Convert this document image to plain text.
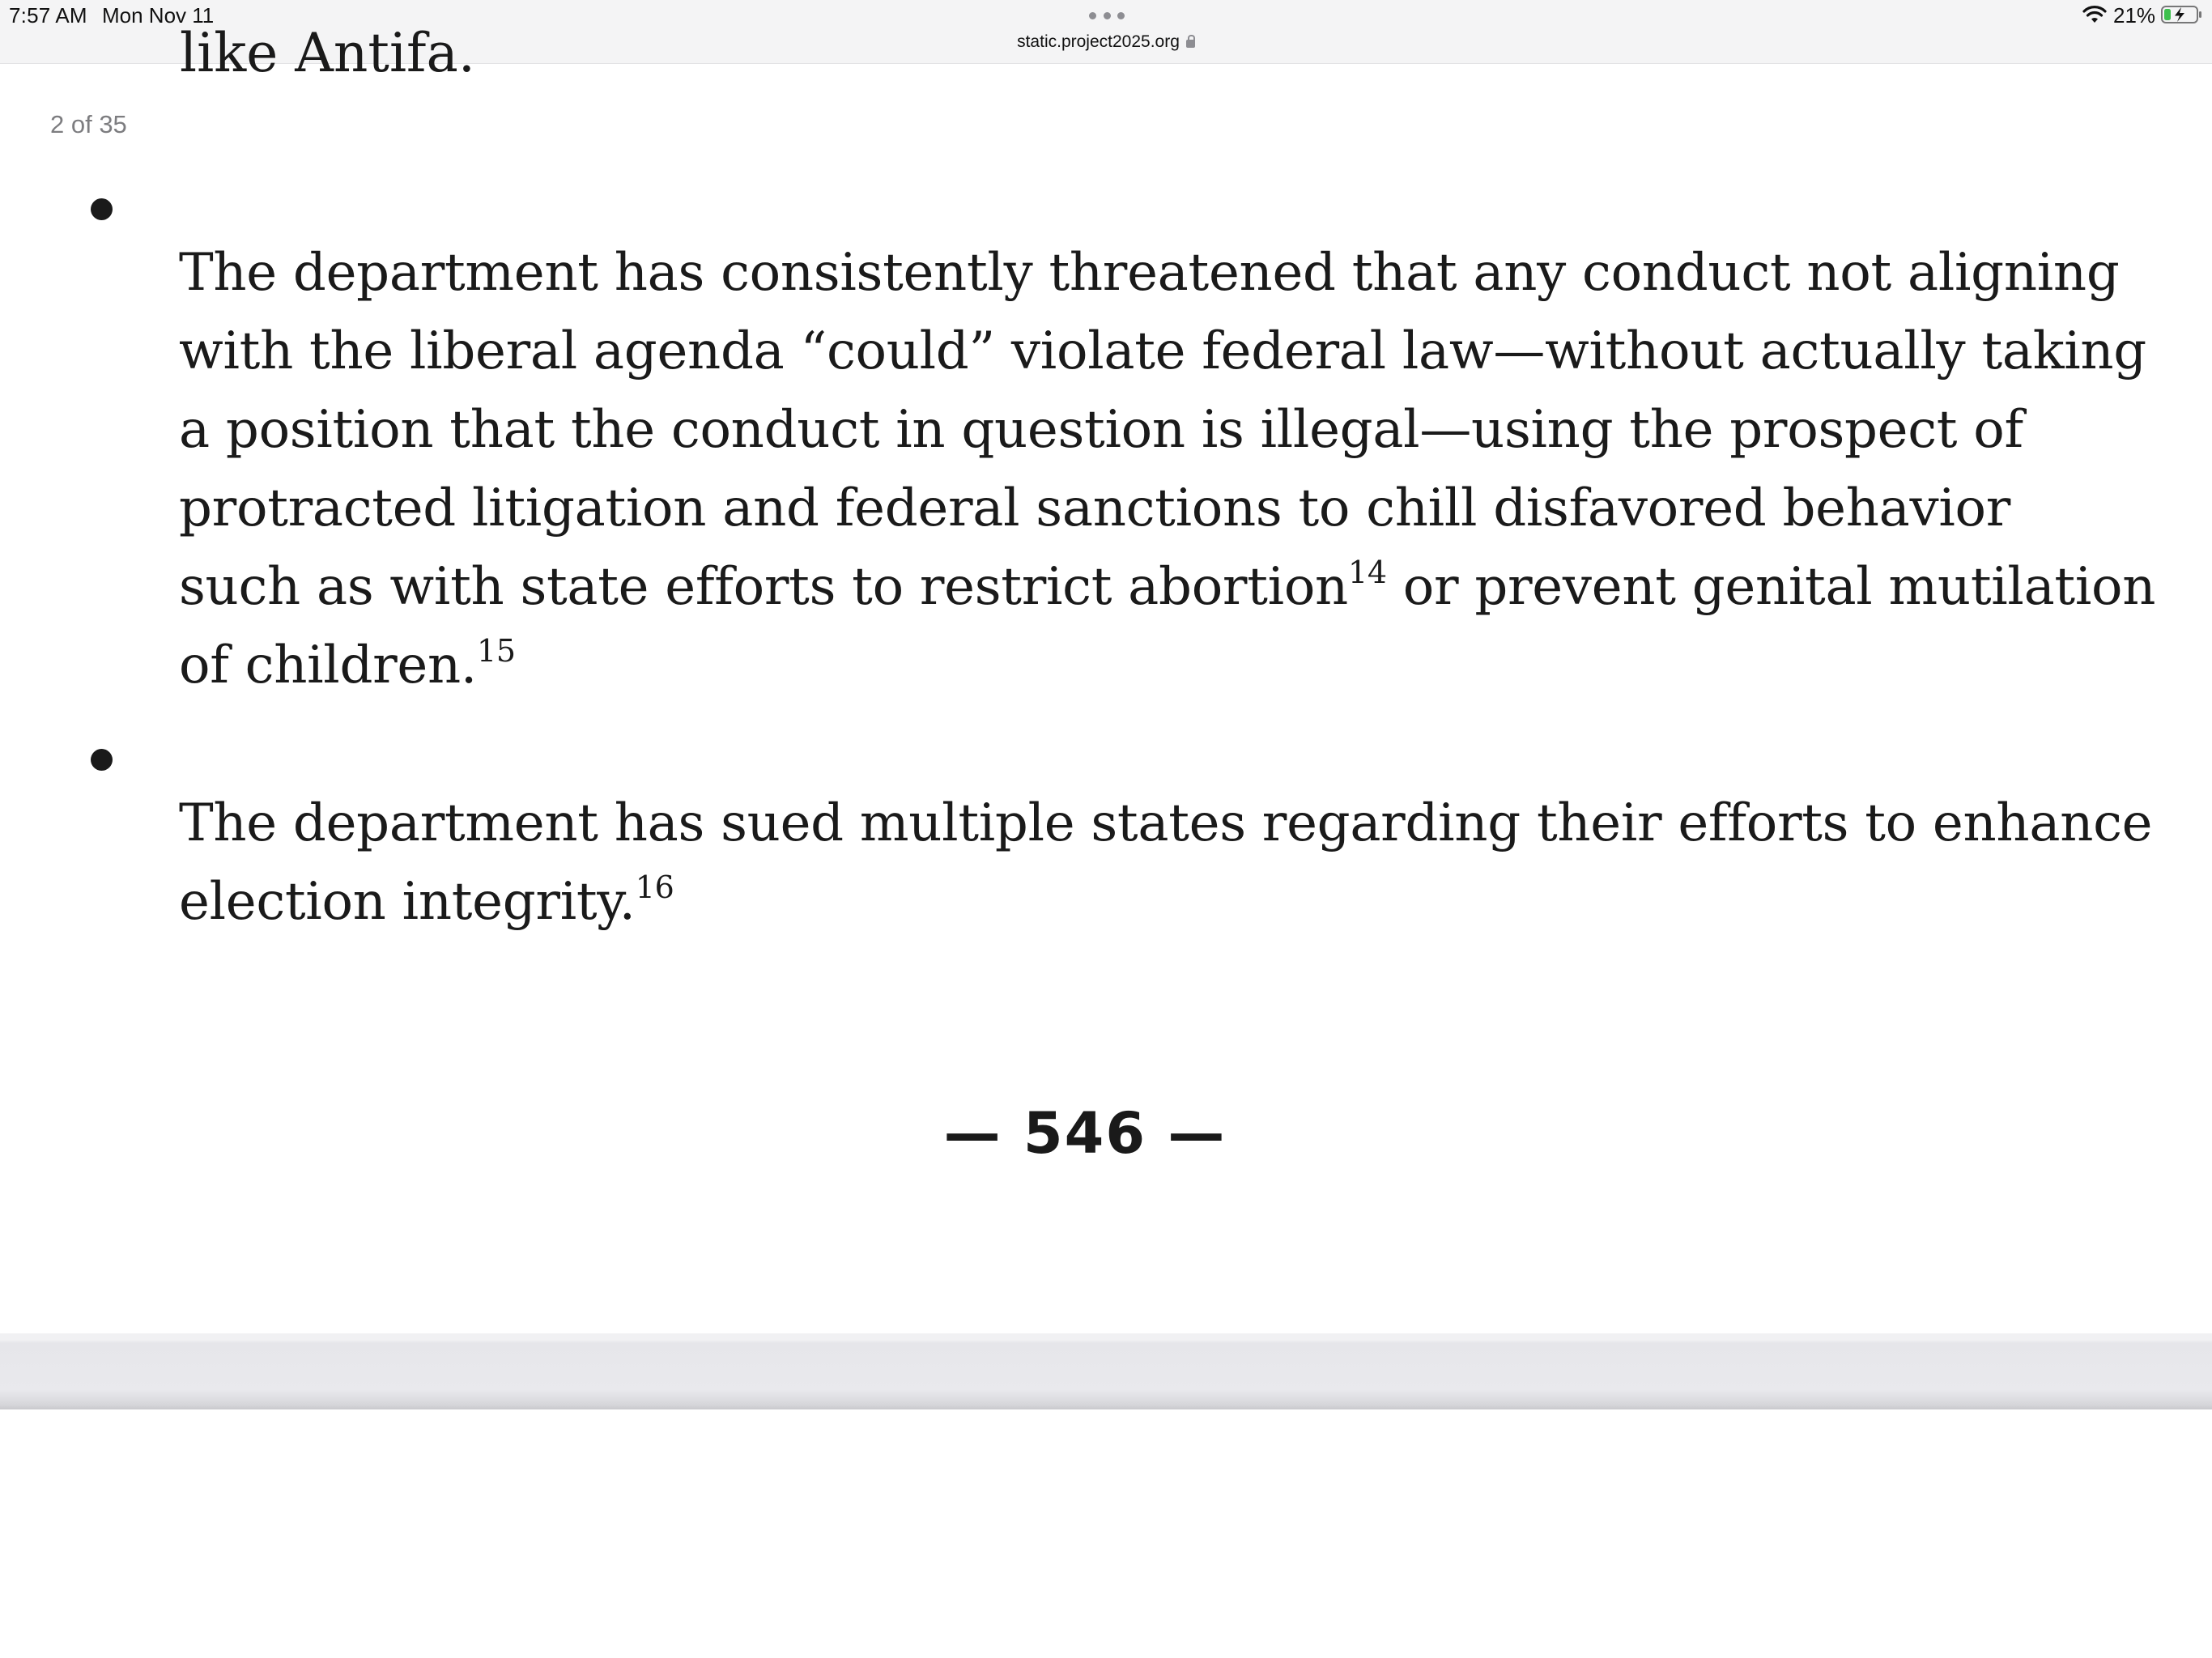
7:57 AM Mon Nov 11
static.project2025.org
21%
like Antifa.
2 of 35

The department has consistently threatened that any conduct not aligning
with the liberal agenda “could” violate federal law—without actually taking
a position that the conduct in question is illegal—using the prospect of
protracted litigation and federal sanctions to chill disfavored behavior
such as with state efforts to restrict abortion$^{14}$ or prevent genital mutilation
of children.$^{15}$

The department has sued multiple states regarding their efforts to enhance
election integrity.$^{16}$

— 546 —
